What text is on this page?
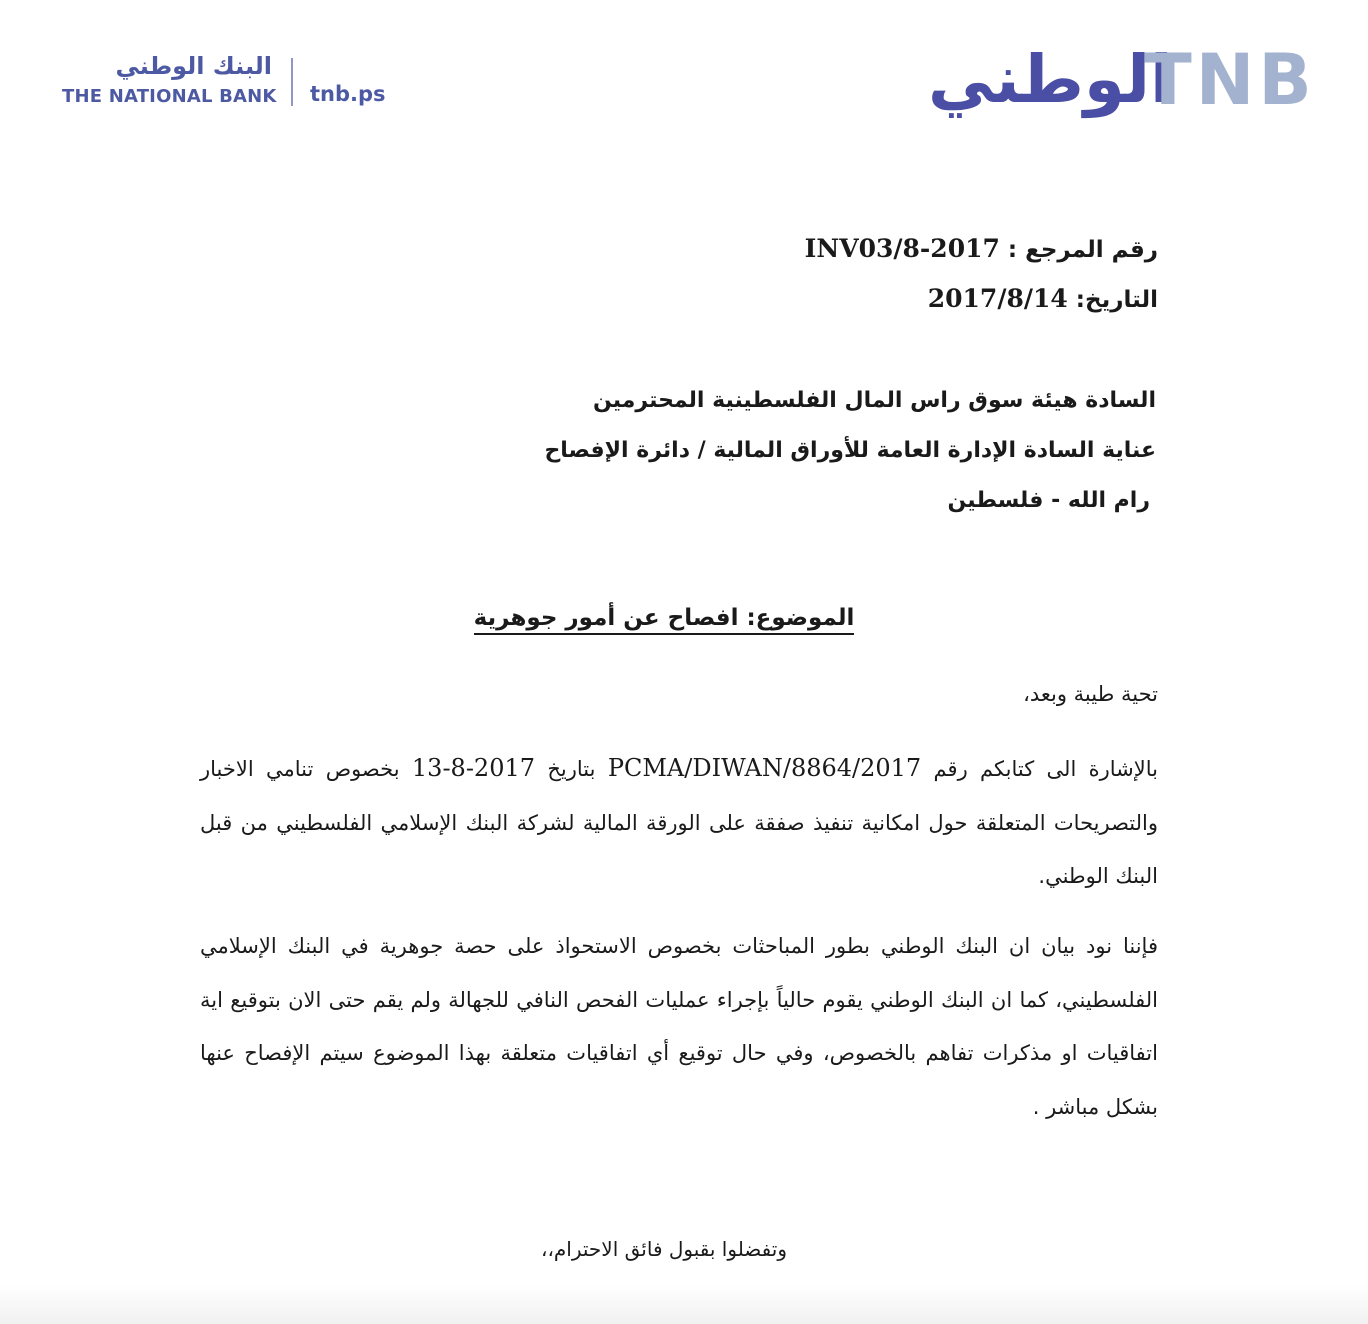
البنك الوطني
THE NATIONAL BANK tnb.ps	الوطني
TNB
رقم المرجع : INV03/8-2017
التاريخ: 2017/8/14
السادة هيئة سوق راس المال الفلسطينية المحترمين
عناية السادة الإدارة العامة للأوراق المالية / دائرة الإفصاح
رام الله - فلسطين
الموضوع: افصاح عن أمور جوهرية
تحية طيبة وبعد،
بالإشارة الى كتابكم رقم PCMA/DIWAN/8864/2017 بتاريخ 13-8-2017 بخصوص تنامي الاخبار والتصريحات المتعلقة حول امكانية تنفيذ صفقة على الورقة المالية لشركة البنك الإسلامي الفلسطيني من قبل البنك الوطني.
فإننا نود بيان ان البنك الوطني بطور المباحثات بخصوص الاستحواذ على حصة جوهرية في البنك الإسلامي الفلسطيني، كما ان البنك الوطني يقوم حالياً بإجراء عمليات الفحص النافي للجهالة ولم يقم حتى الان بتوقيع اية اتفاقيات او مذكرات تفاهم بالخصوص، وفي حال توقيع أي اتفاقيات متعلقة بهذا الموضوع سيتم الإفصاح عنها بشكل مباشر .
وتفضلوا بقبول فائق الاحترام،،
